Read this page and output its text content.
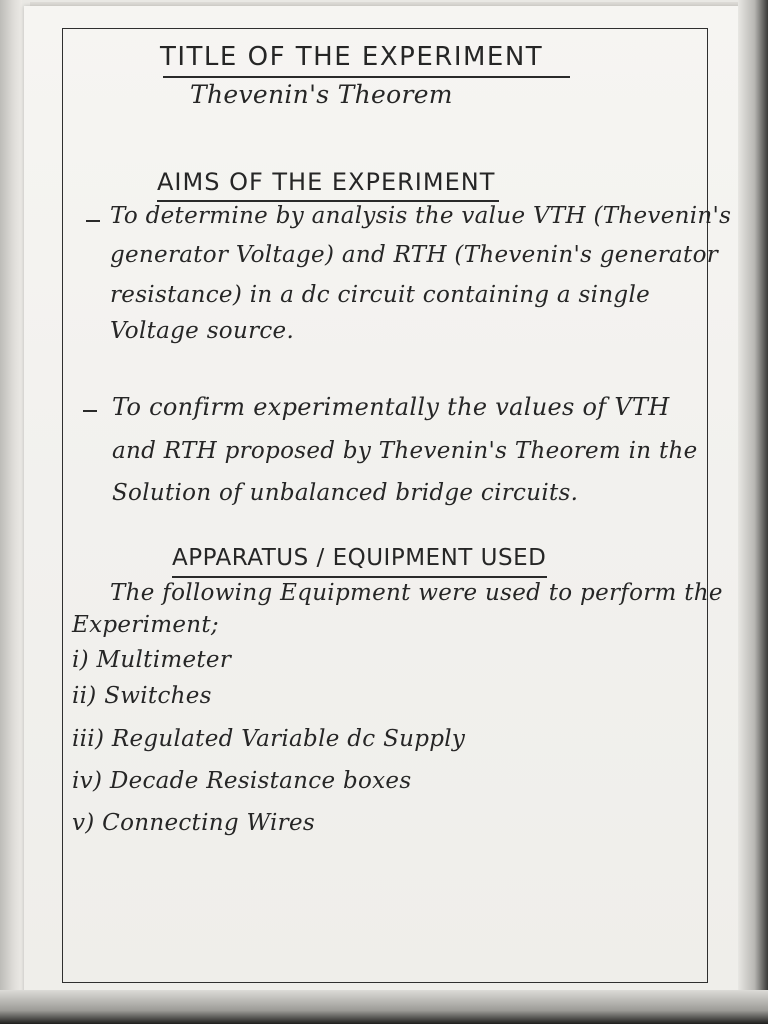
TITLE OF THE EXPERIMENT
Thevenin's Theorem
AIMS OF THE EXPERIMENT
To determine by analysis the value VTH (Thevenin's
generator Voltage) and RTH (Thevenin's generator
resistance) in a dc circuit containing a single
Voltage source.
To confirm experimentally the values of VTH
and RTH proposed by Thevenin's Theorem in the
Solution of unbalanced bridge circuits.
APPARATUS / EQUIPMENT USED
The following Equipment were used to perform the
Experiment;
i) Multimeter
ii) Switches
iii) Regulated Variable dc Supply
iv) Decade Resistance boxes
v) Connecting Wires
